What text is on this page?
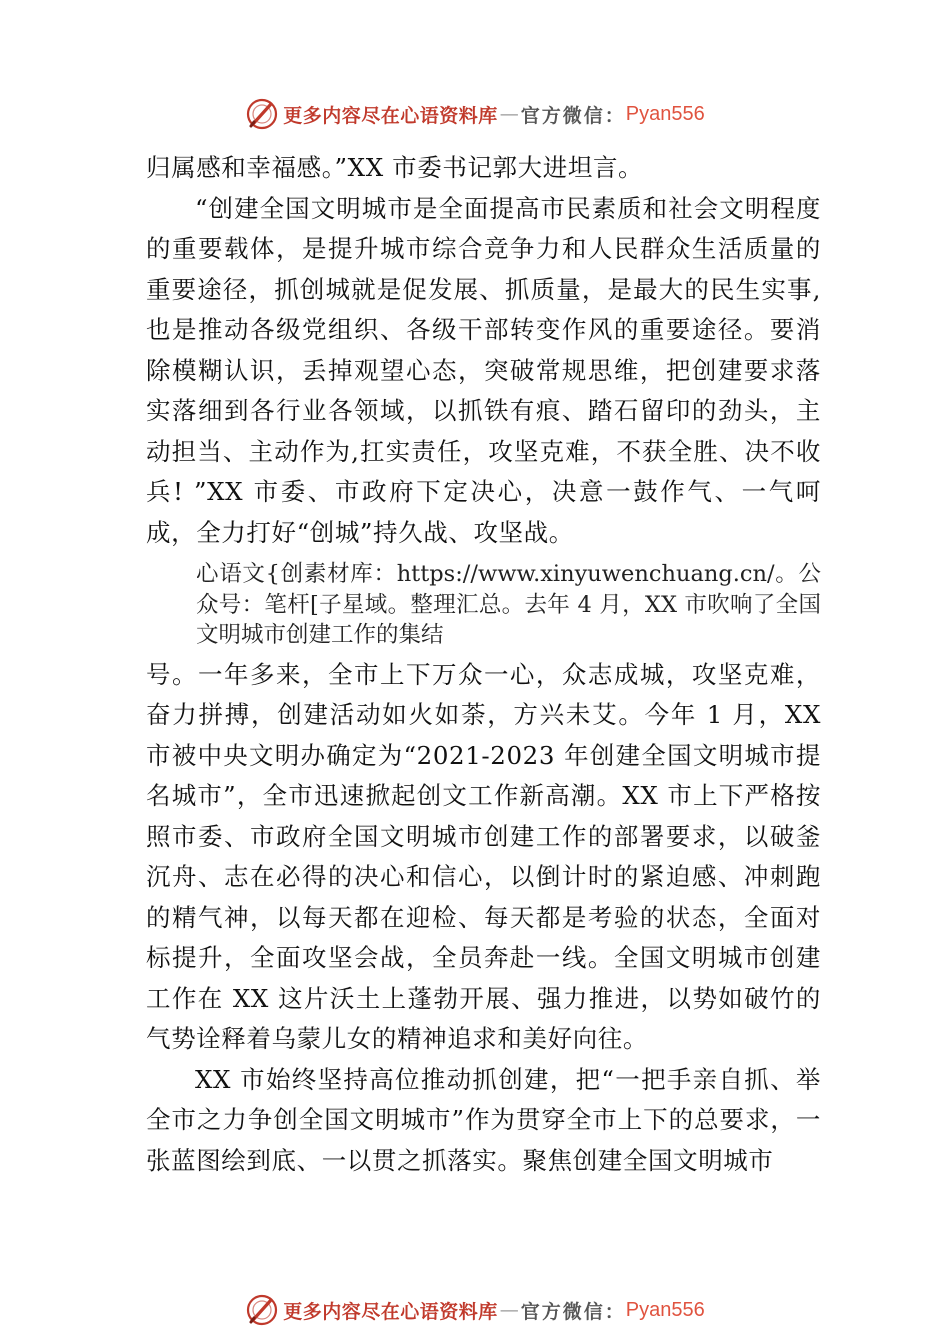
更多内容尽在心语资料库 — 官方微信： Pyan556

归属感和幸福感。”XX 市委书记郭大进坦言。

“创建全国文明城市是全面提高市民素质和社会文明程度的重要载体，是提升城市综合竞争力和人民群众生活质量的重要途径，抓创城就是促发展、抓质量，是最大的民生实事,也是推动各级党组织、各级干部转变作风的重要途径。要消除模糊认识，丢掉观望心态，突破常规思维，把创建要求落实落细到各行业各领域，以抓铁有痕、踏石留印的劲头，主动担当、主动作为,扛实责任，攻坚克难，不获全胜、决不收兵! ”XX 市委、市政府下定决心，决意一鼓作气、一气呵成，全力打好“创城”持久战、攻坚战。

心语文{创素材库：https://www.xinyuwenchuang.cn/。公众号：笔杆[子星域。整理汇总。去年 4 月，XX 市吹响了全国文明城市创建工作的集结

号。一年多来，全市上下万众一心，众志成城，攻坚克难， 奋力拼搏，创建活动如火如荼，方兴未艾。今年 1 月，XX 市被中央文明办确定为“2021-2023 年创建全国文明城市提名城市”，全市迅速掀起创文工作新高潮。XX 市上下严格按照市委、市政府全国文明城市创建工作的部署要求，以破釜沉舟、志在必得的决心和信心，以倒计时的紧迫感、冲刺跑的精气神，以每天都在迎检、每天都是考验的状态，全面对标提升，全面攻坚会战，全员奔赴一线。全国文明城市创建工作在 XX 这片沃土上蓬勃开展、强力推进，以势如破竹的气势诠释着乌蒙儿女的精神追求和美好向往。

XX 市始终坚持高位推动抓创建，把“一把手亲自抓、举全市之力争创全国文明城市”作为贯穿全市上下的总要求，一张蓝图绘到底、一以贯之抓落实。聚焦创建全国文明城市

更多内容尽在心语资料库 — 官方微信： Pyan556
